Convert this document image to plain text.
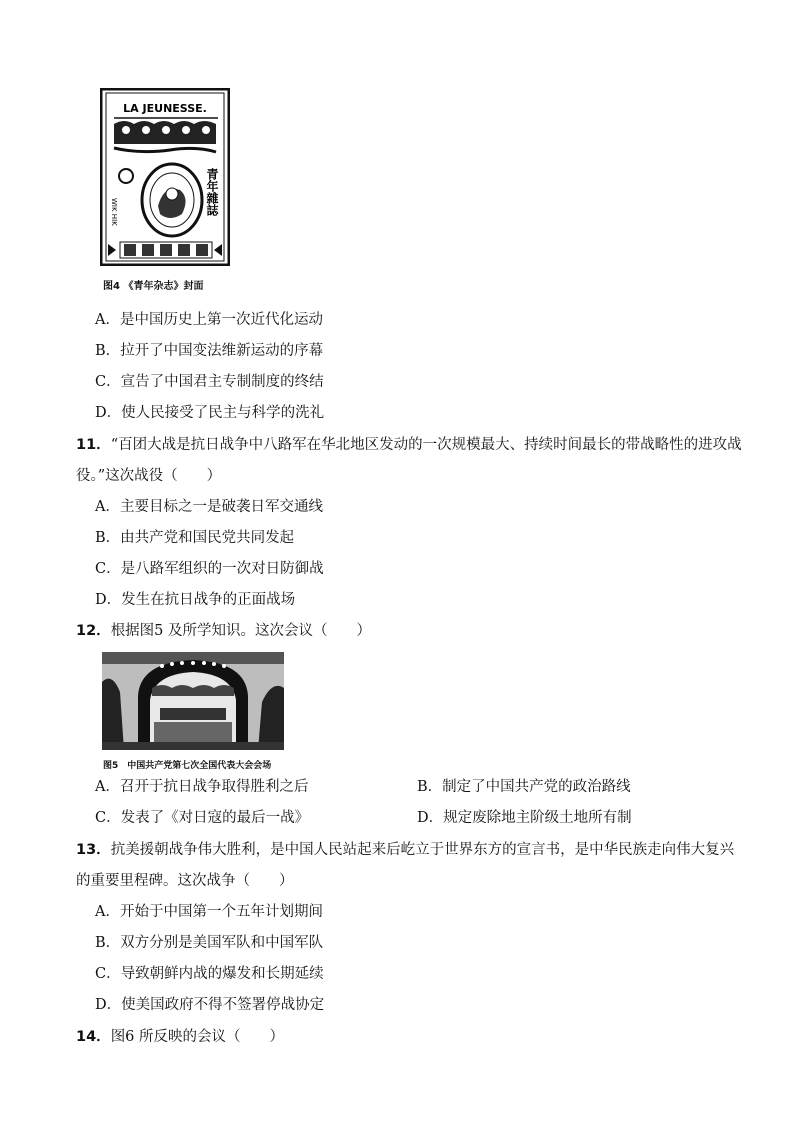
LA JEUNESSE.
青年雜誌
WIK HIK
图4 《青年杂志》封面
A．是中国历史上第一次近代化运动
B．拉开了中国变法维新运动的序幕
C．宣告了中国君主专制制度的终结
D．使人民接受了民主与科学的洗礼
11．“百团大战是抗日战争中八路军在华北地区发动的一次规模最大、持续时间最长的带战略性的进攻战
役。”这次战役（　　）
A．主要目标之一是破袭日军交通线
B．由共产党和国民党共同发起
C．是八路军组织的一次对日防御战
D．发生在抗日战争的正面战场
12．根据图5 及所学知识。这次会议（　　）
图5　中国共产党第七次全国代表大会会场
A．召开于抗日战争取得胜利之后	B．制定了中国共产党的政治路线
C．发表了《对日寇的最后一战》	D．规定废除地主阶级土地所有制
13．抗美援朝战争伟大胜利，是中国人民站起来后屹立于世界东方的宣言书，是中华民族走向伟大复兴
的重要里程碑。这次战争（　　）
A．开始于中国第一个五年计划期间
B．双方分别是美国军队和中国军队
C．导致朝鲜内战的爆发和长期延续
D．使美国政府不得不签署停战协定
14．图6 所反映的会议（　　）
